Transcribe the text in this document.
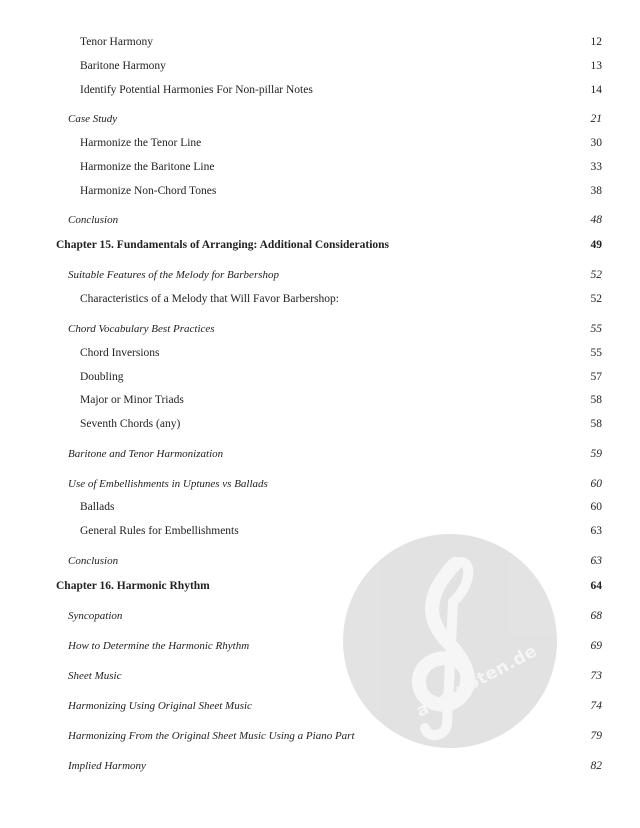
Tenor Harmony	12
Baritone Harmony	13
Identify Potential Harmonies For Non-pillar Notes	14
Case Study	21
Harmonize the Tenor Line	30
Harmonize the Baritone Line	33
Harmonize Non-Chord Tones	38
Conclusion	48
Chapter 15. Fundamentals of Arranging: Additional Considerations	49
Suitable Features of the Melody for Barbershop	52
Characteristics of a Melody that Will Favor Barbershop:	52
Chord Vocabulary Best Practices	55
Chord Inversions	55
Doubling	57
Major or Minor Triads	58
Seventh Chords (any)	58
Baritone and Tenor Harmonization	59
Use of Embellishments in Uptunes vs Ballads	60
Ballads	60
General Rules for Embellishments	63
Conclusion	63
Chapter 16. Harmonic Rhythm	64
Syncopation	68
How to Determine the Harmonic Rhythm	69
Sheet Music	73
Harmonizing Using Original Sheet Music	74
Harmonizing From the Original Sheet Music Using a Piano Part	79
Implied Harmony	82
alle-noten.de
